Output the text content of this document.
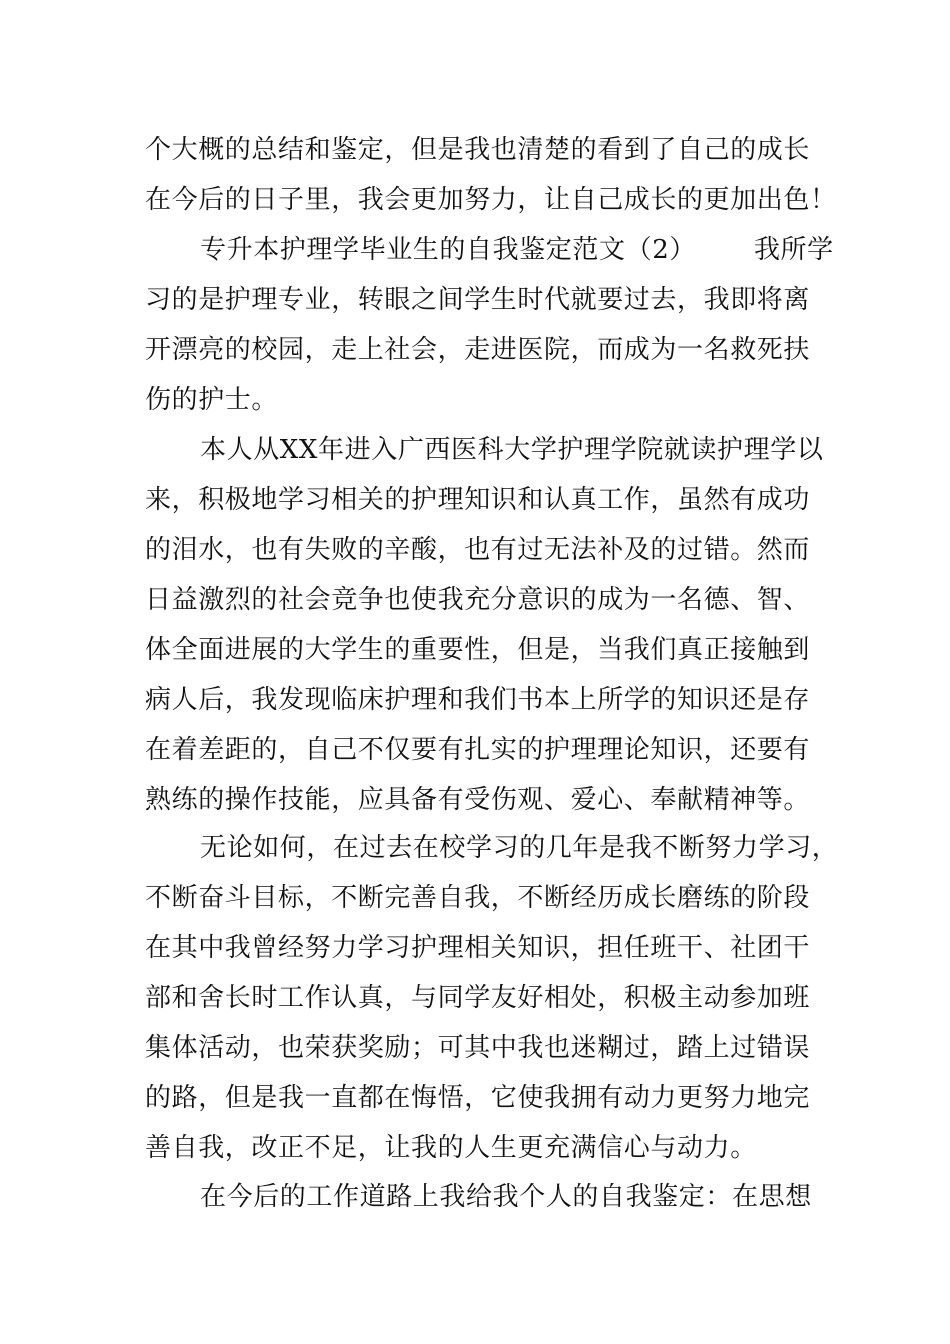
个大概的总结和鉴定，但是我也清楚的看到了自己的成长
在今后的日子里，我会更加努力，让自己成长的更加出色！
专升本护理学毕业生的自我鉴定范文（2） 我所学
习的是护理专业，转眼之间学生时代就要过去，我即将离
开漂亮的校园，走上社会，走进医院，而成为一名救死扶
伤的护士。
本人从XX年进入广西医科大学护理学院就读护理学以
来，积极地学习相关的护理知识和认真工作，虽然有成功
的泪水，也有失败的辛酸，也有过无法补及的过错。然而
日益激烈的社会竞争也使我充分意识的成为一名德、智、
体全面进展的大学生的重要性，但是，当我们真正接触到
病人后，我发现临床护理和我们书本上所学的知识还是存
在着差距的，自己不仅要有扎实的护理理论知识，还要有
熟练的操作技能，应具备有受伤观、爱心、奉献精神等。
无论如何，在过去在校学习的几年是我不断努力学习，
不断奋斗目标，不断完善自我，不断经历成长磨练的阶段
在其中我曾经努力学习护理相关知识，担任班干、社团干
部和舍长时工作认真，与同学友好相处，积极主动参加班
集体活动，也荣获奖励；可其中我也迷糊过，踏上过错误
的路，但是我一直都在悔悟，它使我拥有动力更努力地完
善自我，改正不足，让我的人生更充满信心与动力。
在今后的工作道路上我给我个人的自我鉴定：在思想
